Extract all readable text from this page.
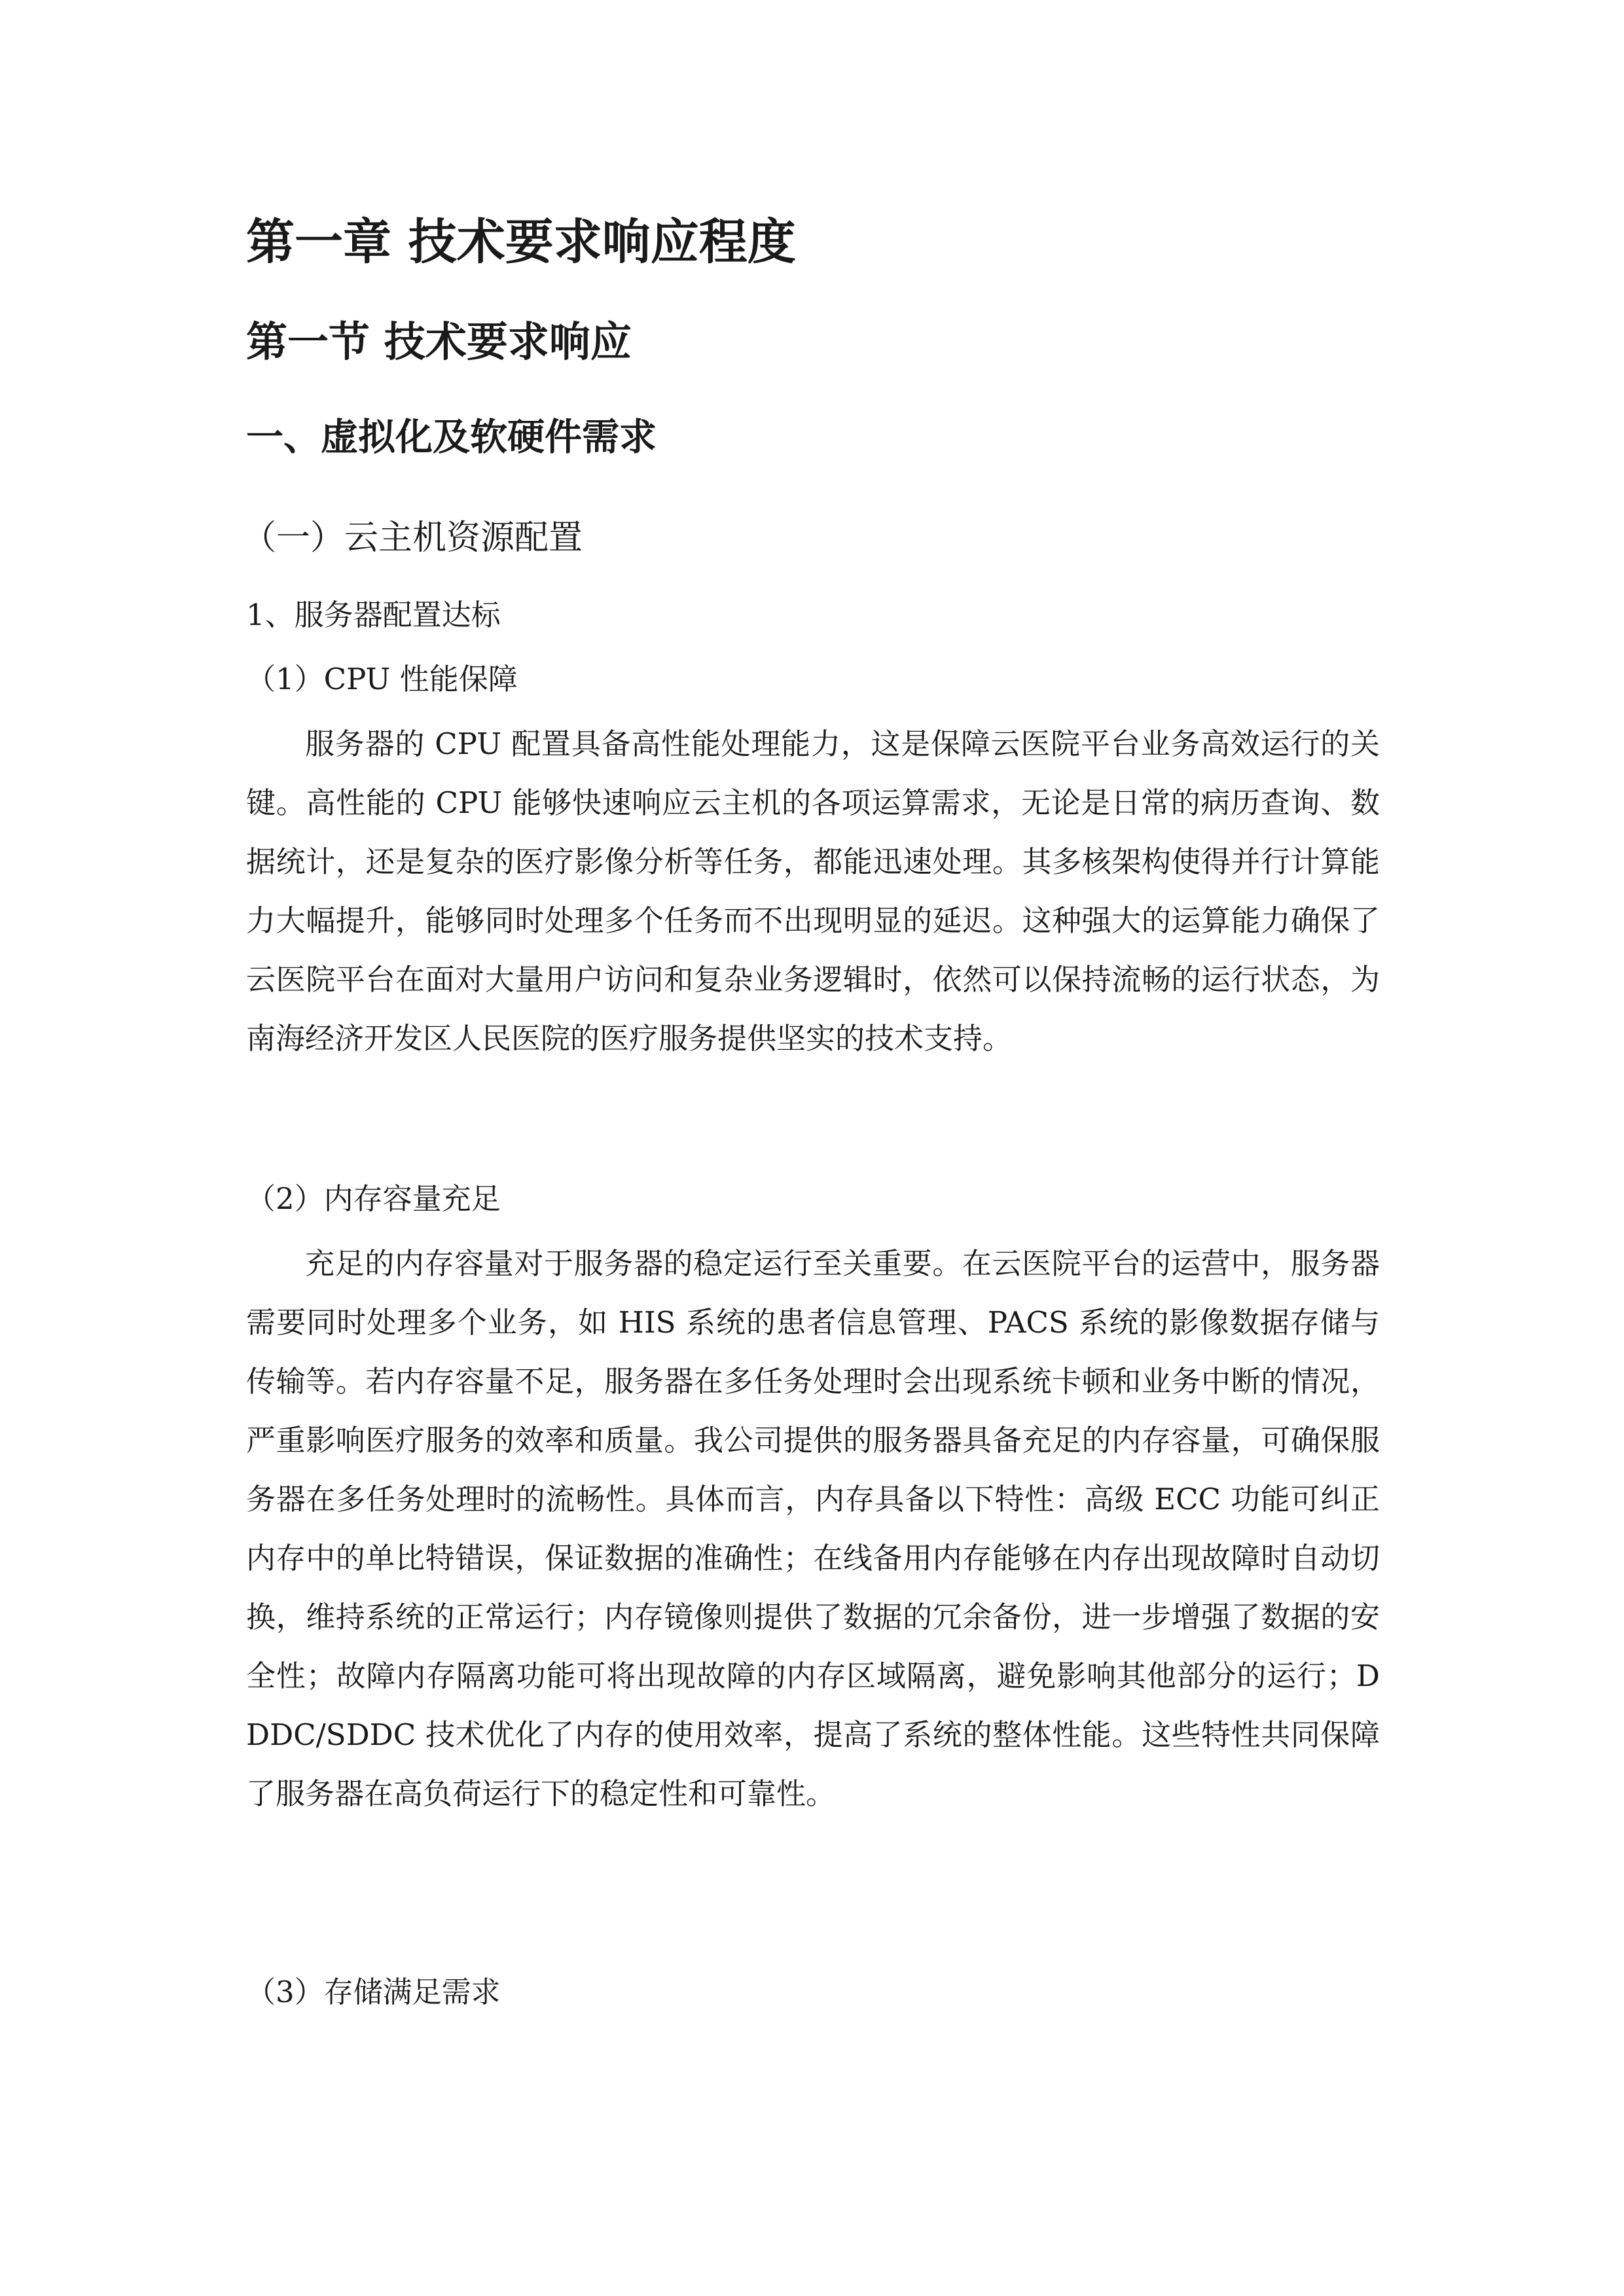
第一章 技术要求响应程度
第一节 技术要求响应
一、虚拟化及软硬件需求
（一）云主机资源配置
1、服务器配置达标
（1）CPU 性能保障

服务器的 CPU 配置具备高性能处理能力，这是保障云医院平台业务高效运行的关键。高性能的 CPU 能够快速响应云主机的各项运算需求，无论是日常的病历查询、数据统计，还是复杂的医疗影像分析等任务，都能迅速处理。其多核架构使得并行计算能力大幅提升，能够同时处理多个任务而不出现明显的延迟。这种强大的运算能力确保了云医院平台在面对大量用户访问和复杂业务逻辑时，依然可以保持流畅的运行状态，为南海经济开发区人民医院的医疗服务提供坚实的技术支持。

（2）内存容量充足

充足的内存容量对于服务器的稳定运行至关重要。在云医院平台的运营中，服务器需要同时处理多个业务，如 HIS 系统的患者信息管理、PACS 系统的影像数据存储与传输等。若内存容量不足，服务器在多任务处理时会出现系统卡顿和业务中断的情况，严重影响医疗服务的效率和质量。我公司提供的服务器具备充足的内存容量，可确保服务器在多任务处理时的流畅性。具体而言，内存具备以下特性：高级 ECC 功能可纠正内存中的单比特错误，保证数据的准确性；在线备用内存能够在内存出现故障时自动切换，维持系统的正常运行；内存镜像则提供了数据的冗余备份，进一步增强了数据的安全性；故障内存隔离功能可将出现故障的内存区域隔离，避免影响其他部分的运行；DDDC/SDDC 技术优化了内存的使用效率，提高了系统的整体性能。这些特性共同保障了服务器在高负荷运行下的稳定性和可靠性。

（3）存储满足需求
